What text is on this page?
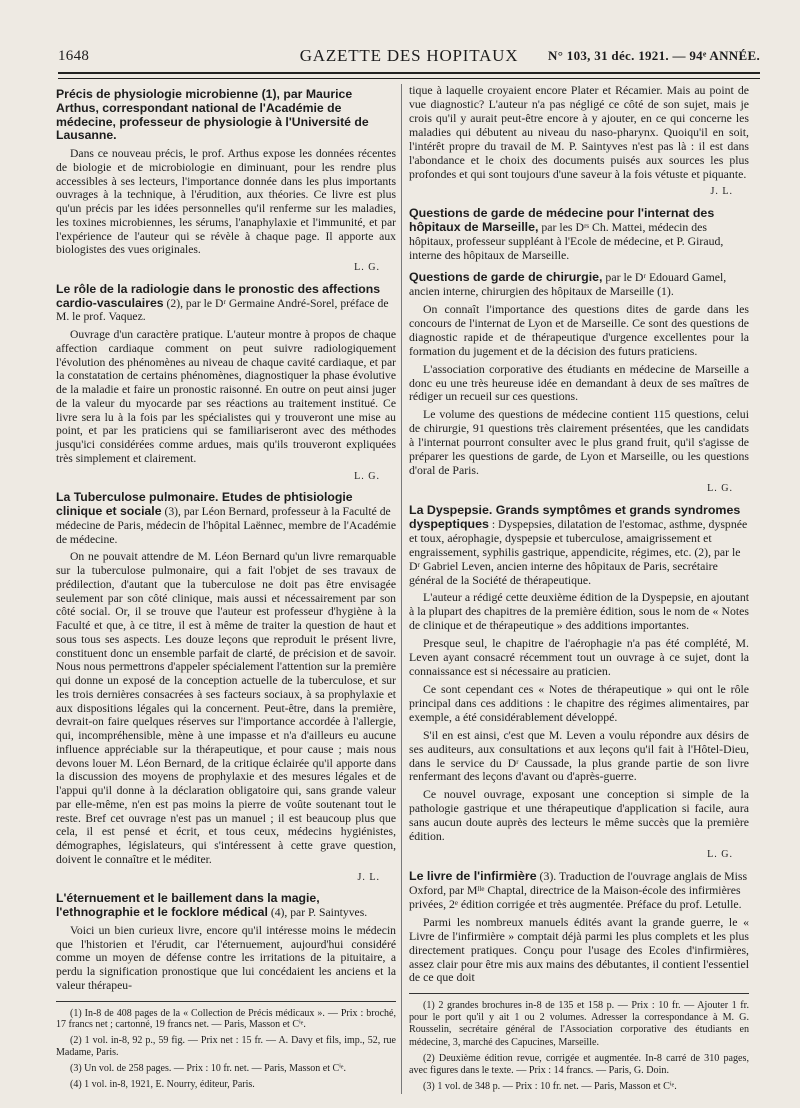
1648	GAZETTE DES HOPITAUX	N° 103, 31 déc. 1921. — 94ᵉ ANNÉE.
Précis de physiologie microbienne (1), par Maurice Arthus, correspondant national de l'Académie de médecine, professeur de physiologie à l'Université de Lausanne.

Dans ce nouveau précis, le prof. Arthus expose les données récentes de biologie et de microbiologie en diminuant, pour les rendre plus accessibles à ses lecteurs, l'importance donnée dans les plus importants ouvrages à la technique, à l'érudition, aux théories. Ce livre est plus qu'un précis par les idées personnelles qu'il renferme sur les maladies, les toxines microbiennes, les sérums, l'anaphylaxie et l'immunité, et par l'expérience de l'auteur qui se révèle à chaque page. Il apporte aux biologistes des vues originales.

L. G.
Le rôle de la radiologie dans le pronostic des affections cardio-vasculaires (2), par le Dʳ Germaine André-Sorel, préface de M. le prof. Vaquez.

Ouvrage d'un caractère pratique. L'auteur montre à propos de chaque affection cardiaque comment on peut suivre radiologiquement l'évolution des phénomènes au niveau de chaque cavité cardiaque, et par la constatation de certains phénomènes, diagnostiquer la phase évolutive de la maladie et faire un pronostic raisonné. En outre on peut ainsi juger de la valeur du myocarde par ses réactions au traitement institué. Ce livre sera lu à la fois par les spécialistes qui y trouveront une mise au point, et par les praticiens qui se familiariseront avec des méthodes jusqu'ici considérées comme ardues, mais qu'ils trouveront expliquées très simplement et clairement.

L. G.
La Tuberculose pulmonaire. Etudes de phtisiologie clinique et sociale (3), par Léon Bernard, professeur à la Faculté de médecine de Paris, médecin de l'hôpital Laënnec, membre de l'Académie de médecine.

On ne pouvait attendre de M. Léon Bernard qu'un livre remarquable sur la tuberculose pulmonaire, qui a fait l'objet de ses travaux de prédilection, d'autant que la tuberculose ne doit pas être envisagée seulement par son côté clinique, mais aussi et nécessairement par son côté social. Or, il se trouve que l'auteur est professeur d'hygiène à la Faculté et que, à ce titre, il est à même de traiter la question de haut et sous tous ses aspects. Les douze leçons que reproduit le présent livre, constituent donc un ensemble parfait de clarté, de précision et de savoir. Nous nous permettrons d'appeler spécialement l'attention sur la première qui donne un exposé de la conception actuelle de la tuberculose, et sur les trois dernières consacrées à ses facteurs sociaux, à sa prophylaxie et aux dispositions légales qui la concernent. Peut-être, dans la première, devrait-on faire quelques réserves sur l'importance accordée à l'allergie, qui, incompréhensible, mène à une impasse et n'a d'ailleurs eu aucune influence appréciable sur la thérapeutique, et pour cause ; mais nous devons louer M. Léon Bernard, de la critique éclairée qu'il apporte dans la discussion des moyens de prophylaxie et des mesures légales et de l'appui qu'il donne à la déclaration obligatoire qui, sans grande valeur par elle-même, n'en est pas moins la pierre de voûte soutenant tout le reste. Bref cet ouvrage n'est pas un manuel ; il est beaucoup plus que cela, il est pensé et écrit, et tous ceux, médecins hygiénistes, démographes, législateurs, qui s'intéressent à cette grave question, doivent le connaître et le méditer.

J. L.
L'éternuement et le baillement dans la magie, l'ethnographie et le focklore médical (4), par P. Saintyves.

Voici un bien curieux livre, encore qu'il intéresse moins le médecin que l'historien et l'érudit, car l'éternuement, aujourd'hui considéré comme un moyen de défense contre les irritations de la pituitaire, a perdu la signification pronostique que lui concédaient les anciens et la valeur thérapeu-

(1) In-8 de 408 pages de la « Collection de Précis médicaux ». — Prix : broché, 17 francs net ; cartonné, 19 francs net. — Paris, Masson et Cⁱᵉ.

(2) 1 vol. in-8, 92 p., 59 fig. — Prix net : 15 fr. — A. Davy et fils, imp., 52, rue Madame, Paris.

(3) Un vol. de 258 pages. — Prix : 10 fr. net. — Paris, Masson et Cⁱᵉ.

(4) 1 vol. in-8, 1921, E. Nourry, éditeur, Paris.

tique à laquelle croyaient encore Plater et Récamier. Mais au point de vue diagnostic? L'auteur n'a pas négligé ce côté de son sujet, mais je crois qu'il y aurait peut-être encore à y ajouter, en ce qui concerne les maladies qui débutent au niveau du naso-pharynx. Quoiqu'il en soit, l'intérêt propre du travail de M. P. Saintyves n'est pas là : il est dans l'abondance et le choix des documents puisés aux sources les plus profondes et qui sont toujours d'une saveur à la fois vétuste et piquante.

J. L.
Questions de garde de médecine pour l'internat des hôpitaux de Marseille, par les Dʳˢ Ch. Mattei, médecin des hôpitaux, professeur suppléant à l'Ecole de médecine, et P. Giraud, interne des hôpitaux de Marseille.
Questions de garde de chirurgie, par le Dʳ Edouard Gamel, ancien interne, chirurgien des hôpitaux de Marseille (1).

On connaît l'importance des questions dites de garde dans les concours de l'internat de Lyon et de Marseille. Ce sont des questions de diagnostic rapide et de thérapeutique d'urgence excellentes pour la formation du jugement et de la décision des futurs praticiens.

L'association corporative des étudiants en médecine de Marseille a donc eu une très heureuse idée en demandant à deux de ses maîtres de rédiger un recueil sur ces questions.

Le volume des questions de médecine contient 115 questions, celui de chirurgie, 91 questions très clairement présentées, que les candidats à l'internat pourront consulter avec le plus grand fruit, qu'il s'agisse de préparer les questions de garde, de Lyon et Marseille, ou les questions d'oral de Paris.

L. G.
La Dyspepsie. Grands symptômes et grands syndromes dyspeptiques : Dyspepsies, dilatation de l'estomac, asthme, dyspnée et toux, aérophagie, dyspepsie et tuberculose, amaigrissement et engraissement, syphilis gastrique, appendicite, régimes, etc. (2), par le Dʳ Gabriel Leven, ancien interne des hôpitaux de Paris, secrétaire général de la Société de thérapeutique.

L'auteur a rédigé cette deuxième édition de la Dyspepsie, en ajoutant à la plupart des chapitres de la première édition, sous le nom de « Notes de clinique et de thérapeutique » des additions importantes.

Presque seul, le chapitre de l'aérophagie n'a pas été complété, M. Leven ayant consacré récemment tout un ouvrage à ce sujet, dont la connaissance est si nécessaire au praticien.

Ce sont cependant ces « Notes de thérapeutique » qui ont le rôle principal dans ces additions : le chapitre des régimes alimentaires, par exemple, a été considérablement développé.

S'il en est ainsi, c'est que M. Leven a voulu répondre aux désirs de ses auditeurs, aux consultations et aux leçons qu'il fait à l'Hôtel-Dieu, dans le service du Dʳ Caussade, la plus grande partie de son livre renfermant des leçons d'avant ou d'après-guerre.

Ce nouvel ouvrage, exposant une conception si simple de la pathologie gastrique et une thérapeutique d'application si facile, aura sans aucun doute auprès des lecteurs le même succès que la première édition.

L. G.
Le livre de l'infirmière (3). Traduction de l'ouvrage anglais de Miss Oxford, par Mˡˡᵉ Chaptal, directrice de la Maison-école des infirmières privées, 2ᵉ édition corrigée et très augmentée. Préface du prof. Letulle.

Parmi les nombreux manuels édités avant la grande guerre, le « Livre de l'infirmière » comptait déjà parmi les plus complets et les plus directement pratiques. Conçu pour l'usage des Ecoles d'infirmières, assez clair pour être mis aux mains des débutantes, il contient l'essentiel de ce que doit

(1) 2 grandes brochures in-8 de 135 et 158 p. — Prix : 10 fr. — Ajouter 1 fr. pour le port qu'il y ait 1 ou 2 volumes. Adresser la correspondance à M. G. Rousselin, secrétaire général de l'Association corporative des étudiants en médecine, 3, marché des Capucines, Marseille.

(2) Deuxième édition revue, corrigée et augmentée. In-8 carré de 310 pages, avec figures dans le texte. — Prix : 14 francs. — Paris, G. Doin.

(3) 1 vol. de 348 p. — Prix : 10 fr. net. — Paris, Masson et Cⁱᵉ.
